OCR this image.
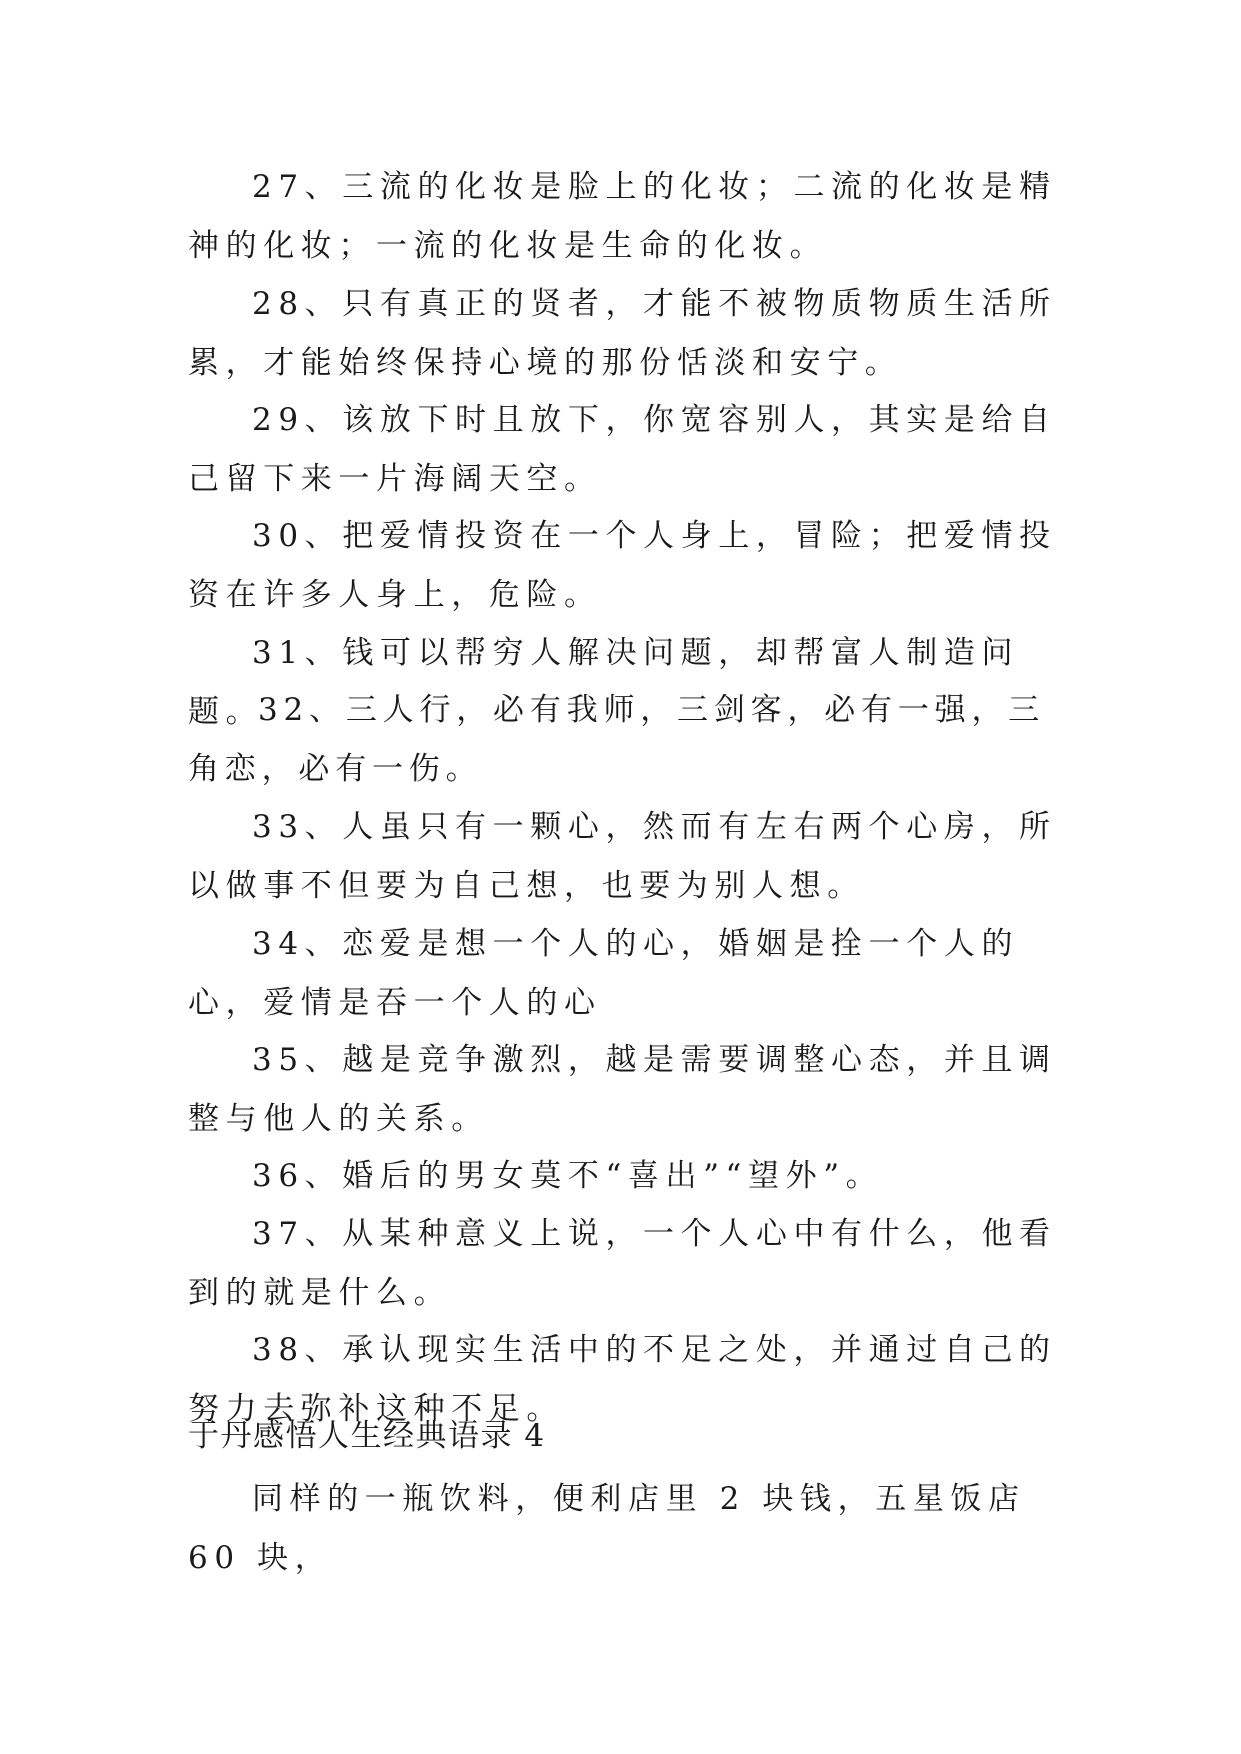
27、三流的化妆是脸上的化妆；二流的化妆是精神的化妆；一流的化妆是生命的化妆。
28、只有真正的贤者，才能不被物质物质生活所累，才能始终保持心境的那份恬淡和安宁。
29、该放下时且放下，你宽容别人，其实是给自己留下来一片海阔天空。
30、把爱情投资在一个人身上，冒险；把爱情投资在许多人身上，危险。
31、钱可以帮穷人解决问题，却帮富人制造问题。
32、三人行，必有我师，三剑客，必有一强，三角恋，必有一伤。
33、人虽只有一颗心，然而有左右两个心房，所以做事不但要为自己想，也要为别人想。
34、恋爱是想一个人的心，婚姻是拴一个人的心，爱情是吞一个人的心
35、越是竞争激烈，越是需要调整心态，并且调整与他人的关系。
36、婚后的男女莫不“喜出”“望外”。
37、从某种意义上说，一个人心中有什么，他看到的就是什么。
38、承认现实生活中的不足之处，并通过自己的努力去弥补这种不足。
于丹感悟人生经典语录 4
同样的一瓶饮料，便利店里 2 块钱，五星饭店 60 块，
